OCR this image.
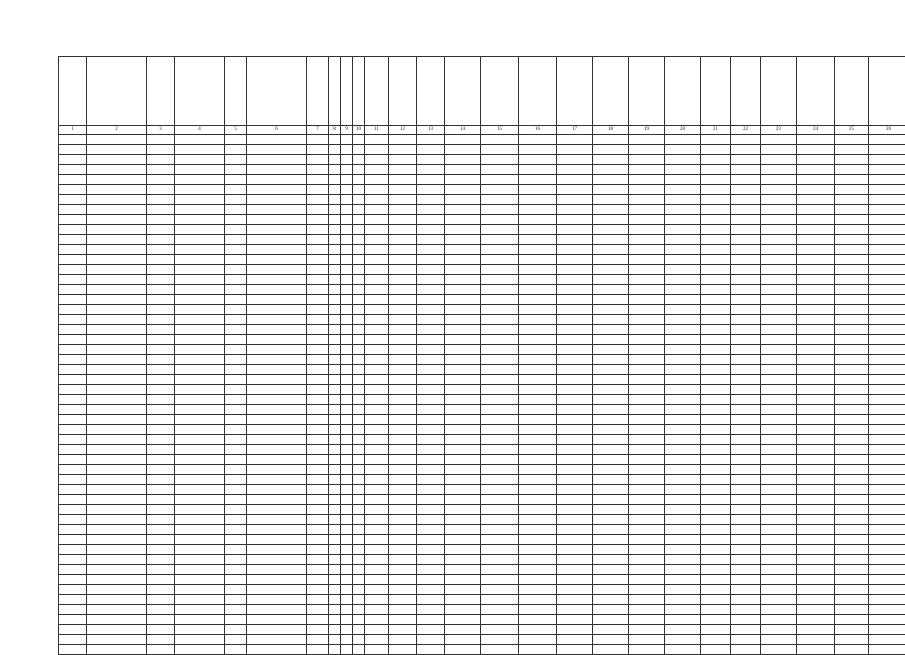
1	2	3	4	5	6	7	8	9	10	11	12	13	14	15	16	17	18	19	20	21	22	23	24	25	26
